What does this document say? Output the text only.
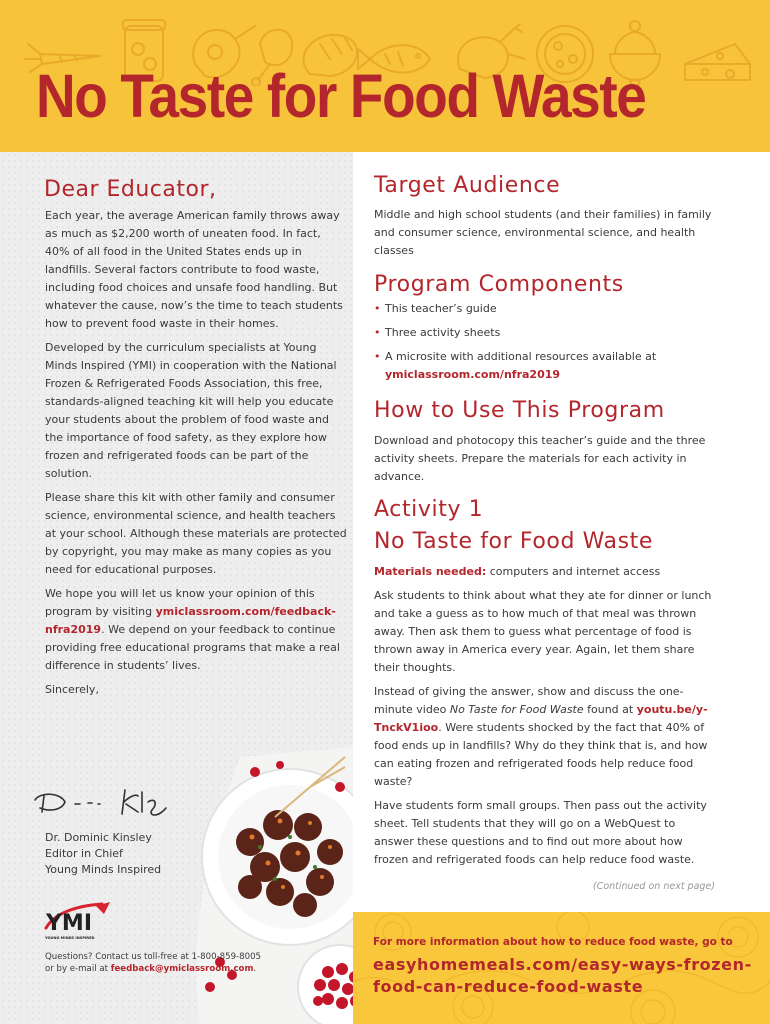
No Taste for Food Waste
Dear Educator,

Each year, the average American family throws away as much as $2,200 worth of uneaten food. In fact, 40% of all food in the United States ends up in landfills. Several factors contribute to food waste, including food choices and unsafe food handling. But whatever the cause, now’s the time to teach students how to prevent food waste in their homes.

Developed by the curriculum specialists at Young Minds Inspired (YMI) in cooperation with the National Frozen & Refrigerated Foods Association, this free, standards-aligned teaching kit will help you educate your students about the problem of food waste and the importance of food safety, as they explore how frozen and refrigerated foods can be part of the solution.

Please share this kit with other family and consumer science, environmental science, and health teachers at your school. Although these materials are protected by copyright, you may make as many copies as you need for educational purposes.

We hope you will let us know your opinion of this program by visiting ymiclassroom.com/feedback-nfra2019. We depend on your feedback to continue providing free educational programs that make a real difference in students’ lives.

Sincerely,

Dr. Dominic Kinsley
Editor in Chief
Young Minds Inspired
YMI
YOUNG MINDS INSPIRED
Questions? Contact us toll-free at 1-800-859-8005
or by e-mail at feedback@ymiclassroom.com.
Target Audience

Middle and high school students (and their families) in family and consumer science, environmental science, and health classes

Program Components
• This teacher’s guide
• Three activity sheets
• A microsite with additional resources available at
ymiclassroom.com/nfra2019
How to Use This Program

Download and photocopy this teacher’s guide and the three activity sheets. Prepare the materials for each activity in advance.

Activity 1
No Taste for Food Waste

Materials needed: computers and internet access

Ask students to think about what they ate for dinner or lunch and take a guess as to how much of that meal was thrown away. Then ask them to guess what percentage of food is thrown away in America every year. Again, let them share their thoughts.

Instead of giving the answer, show and discuss the one-minute video No Taste for Food Waste found at youtu.be/y-TnckV1ioo. Were students shocked by the fact that 40% of food ends up in landfills? Why do they think that is, and how can eating frozen and refrigerated foods help reduce food waste?

Have students form small groups. Then pass out the activity sheet. Tell students that they will go on a WebQuest to answer these questions and to find out more about how frozen and refrigerated foods can help reduce food waste.

(Continued on next page)
For more information about how to reduce food waste, go to
easyhomemeals.com/easy-ways-frozen-food-can-reduce-food-waste
